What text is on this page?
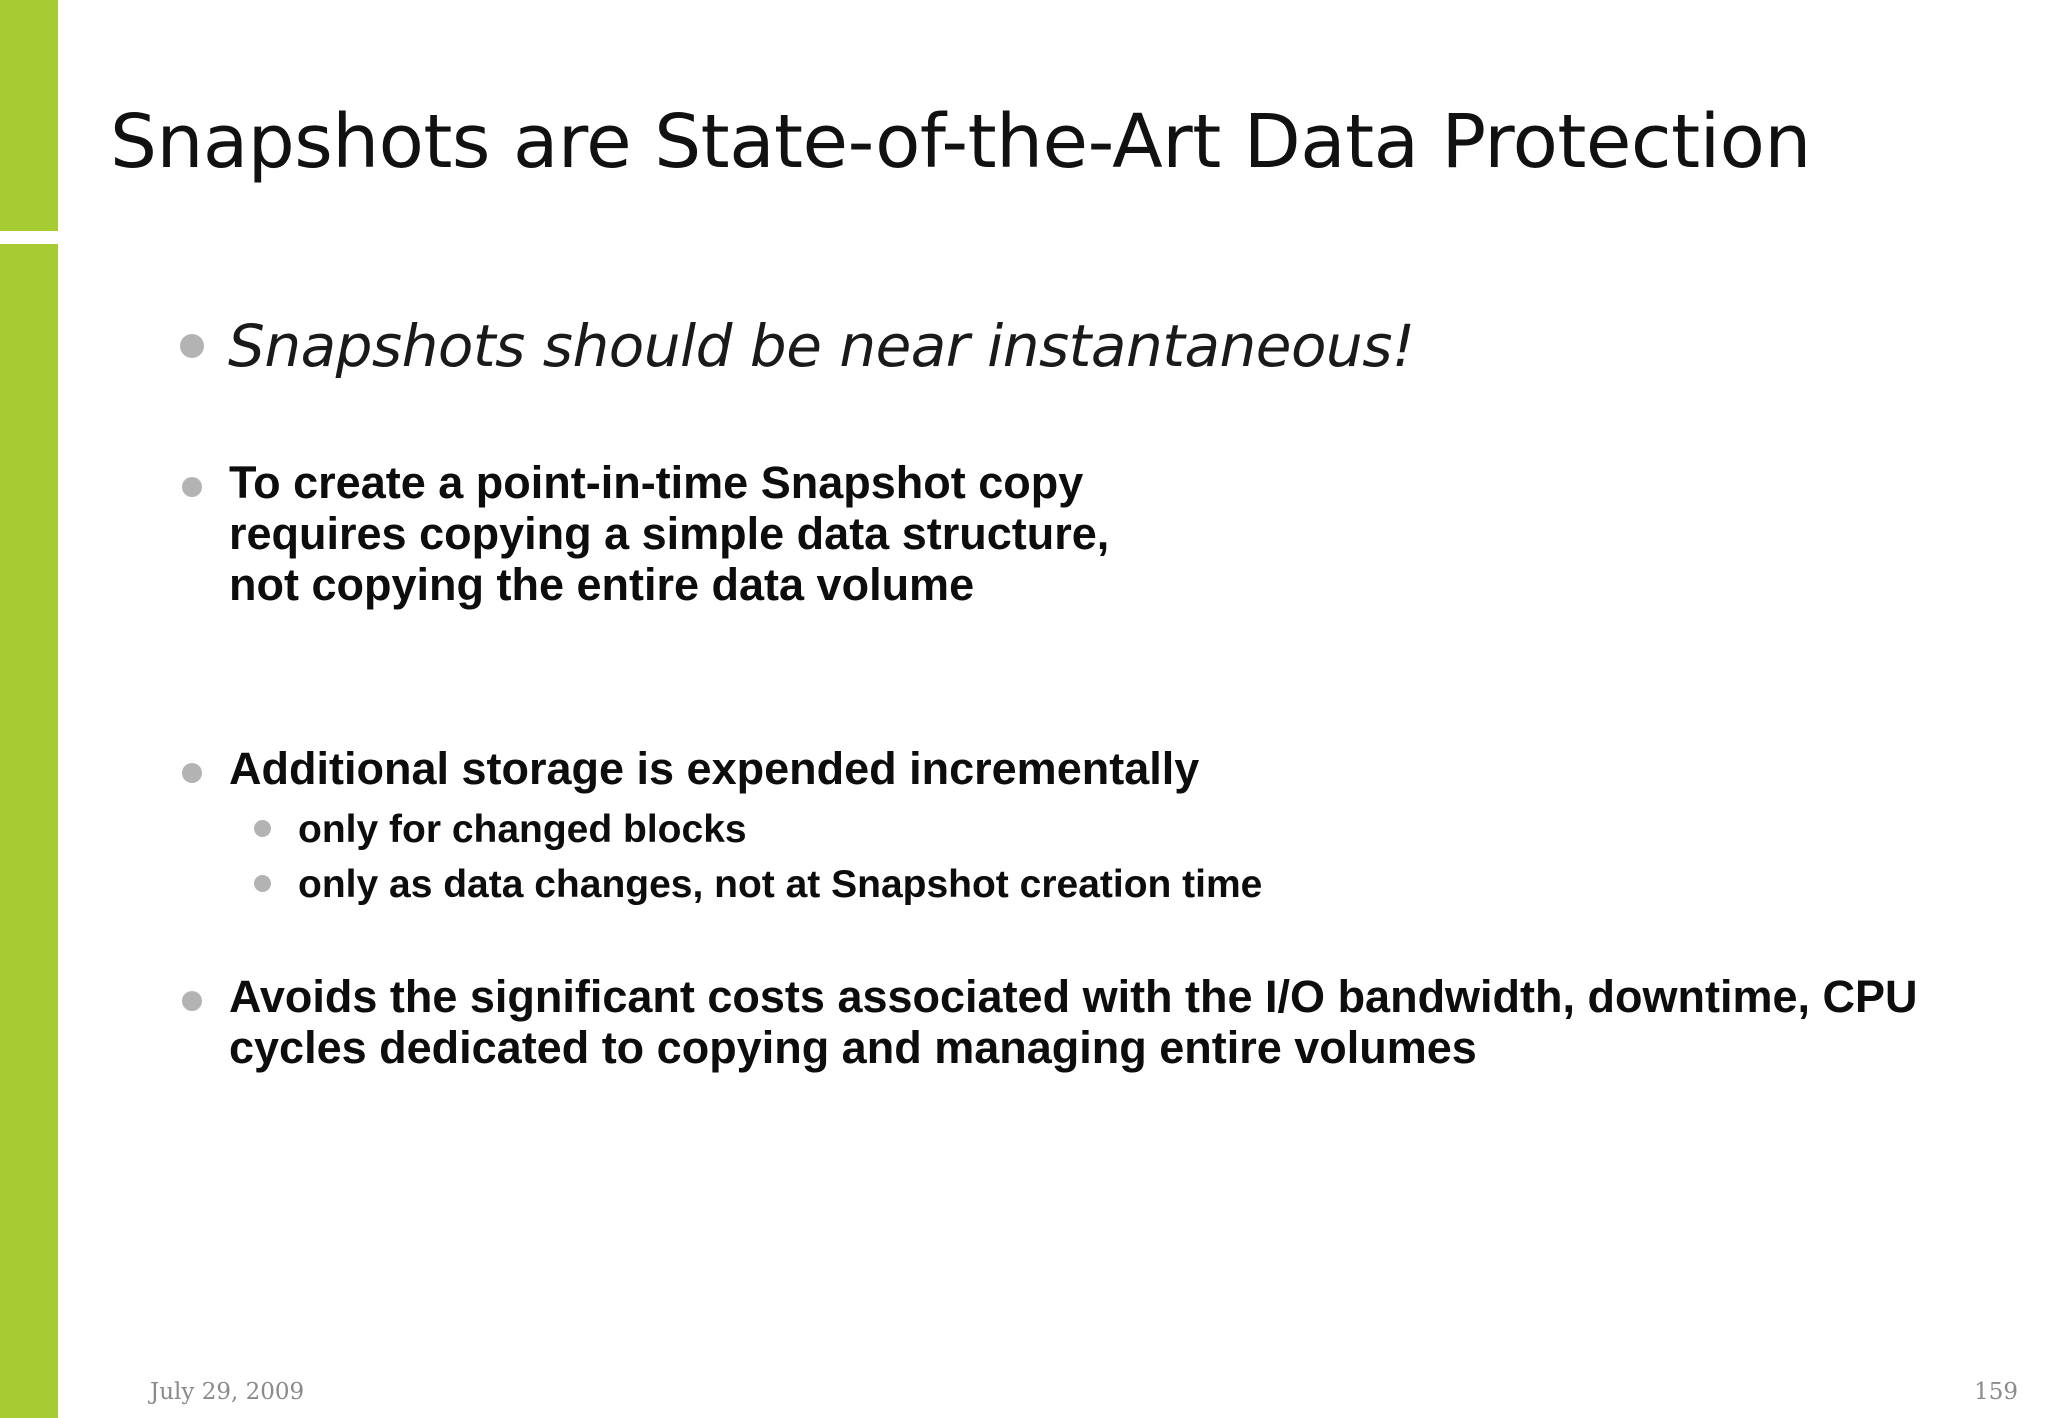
Snapshots are State-of-the-Art Data Protection
Snapshots should be near instantaneous!
To create a point-in-time Snapshot copy
requires copying a simple data structure,
not copying the entire data volume
Additional storage is expended incrementally
only for changed blocks
only as data changes, not at Snapshot creation time
Avoids the significant costs associated with the I/O bandwidth, downtime, CPU
cycles dedicated to copying and managing entire volumes
July 29, 2009	159
